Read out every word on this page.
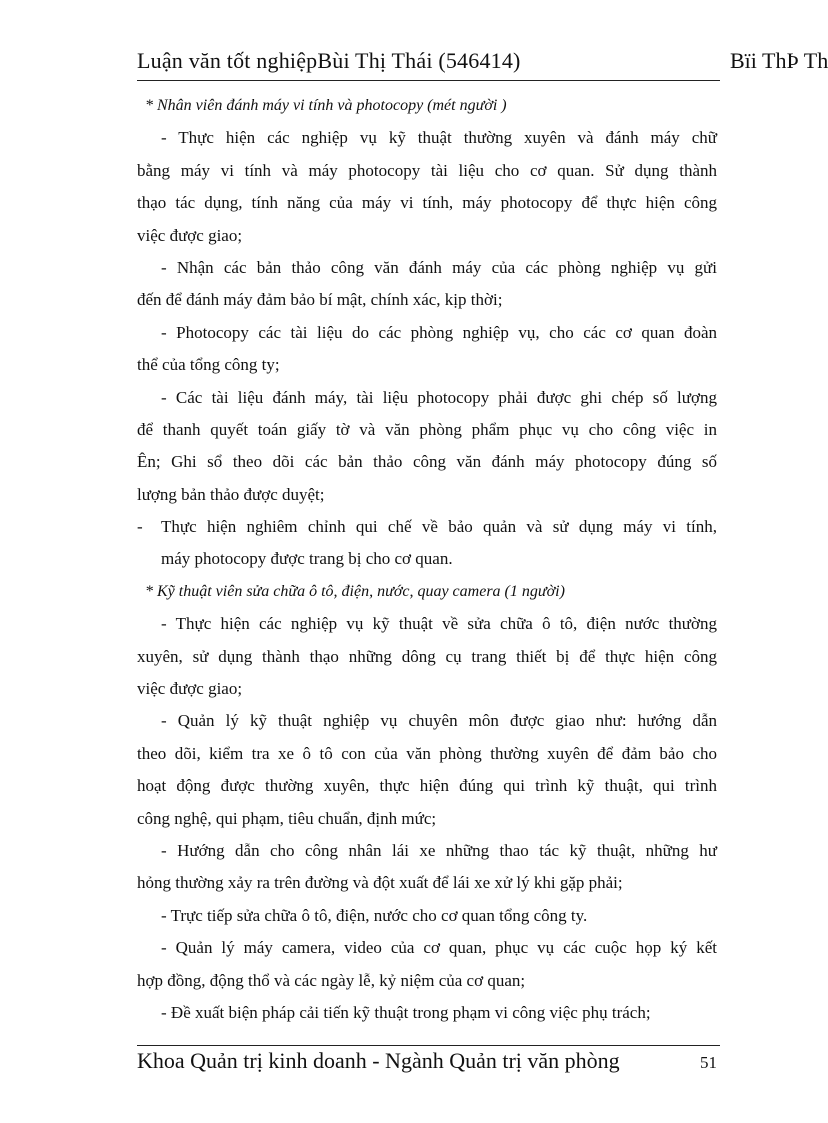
Luận văn tốt nghiệpBùi Thị Thái (546414)	Bïi ThÞ Th
* Nhân viên đánh máy vi tính và photocopy (mét người )
- Thực hiện các nghiệp vụ kỹ thuật thường xuyên và đánh máy chữ
bằng máy vi tính và máy photocopy tài liệu cho cơ quan. Sử dụng thành
thạo tác dụng, tính năng của máy vi tính, máy photocopy để thực hiện công
việc được giao;
- Nhận các bản thảo công văn đánh máy của các phòng nghiệp vụ gửi
đến để đánh máy đảm bảo bí mật, chính xác, kịp thời;
- Photocopy các tài liệu do các phòng nghiệp vụ, cho các cơ quan đoàn
thể của tổng công ty;
- Các tài liệu đánh máy, tài liệu photocopy phải được ghi chép số lượng
để thanh quyết toán giấy tờ và văn phòng phẩm phục vụ cho công việc in
Ên; Ghi sổ theo dõi các bản thảo công văn đánh máy photocopy đúng số
lượng bản thảo được duyệt;
- Thực hiện nghiêm chỉnh qui chế về bảo quản và sử dụng máy vi tính,
máy photocopy được trang bị cho cơ quan.
* Kỹ thuật viên sửa chữa ô tô, điện, nước, quay camera (1 người)
- Thực hiện các nghiệp vụ kỹ thuật về sửa chữa ô tô, điện nước thường
xuyên, sử dụng thành thạo những dông cụ trang thiết bị để thực hiện công
việc được giao;
- Quản lý kỹ thuật nghiệp vụ chuyên môn được giao như: hướng dẫn
theo dõi, kiểm tra xe ô tô con của văn phòng thường xuyên để đảm bảo cho
hoạt động được thường xuyên, thực hiện đúng qui trình kỹ thuật, qui trình
công nghệ, qui phạm, tiêu chuẩn, định mức;
- Hướng dẫn cho công nhân lái xe những thao tác kỹ thuật, những hư
hỏng thường xảy ra trên đường và đột xuất để lái xe xử lý khi gặp phải;
- Trực tiếp sửa chữa ô tô, điện, nước cho cơ quan tổng công ty.
- Quản lý máy camera, video của cơ quan, phục vụ các cuộc họp ký kết
hợp đồng, động thổ và các ngày lễ, kỷ niệm của cơ quan;
- Đề xuất biện pháp cải tiến kỹ thuật trong phạm vi công việc phụ trách;
Khoa Quản trị kinh doanh - Ngành Quản trị văn phòng	51
